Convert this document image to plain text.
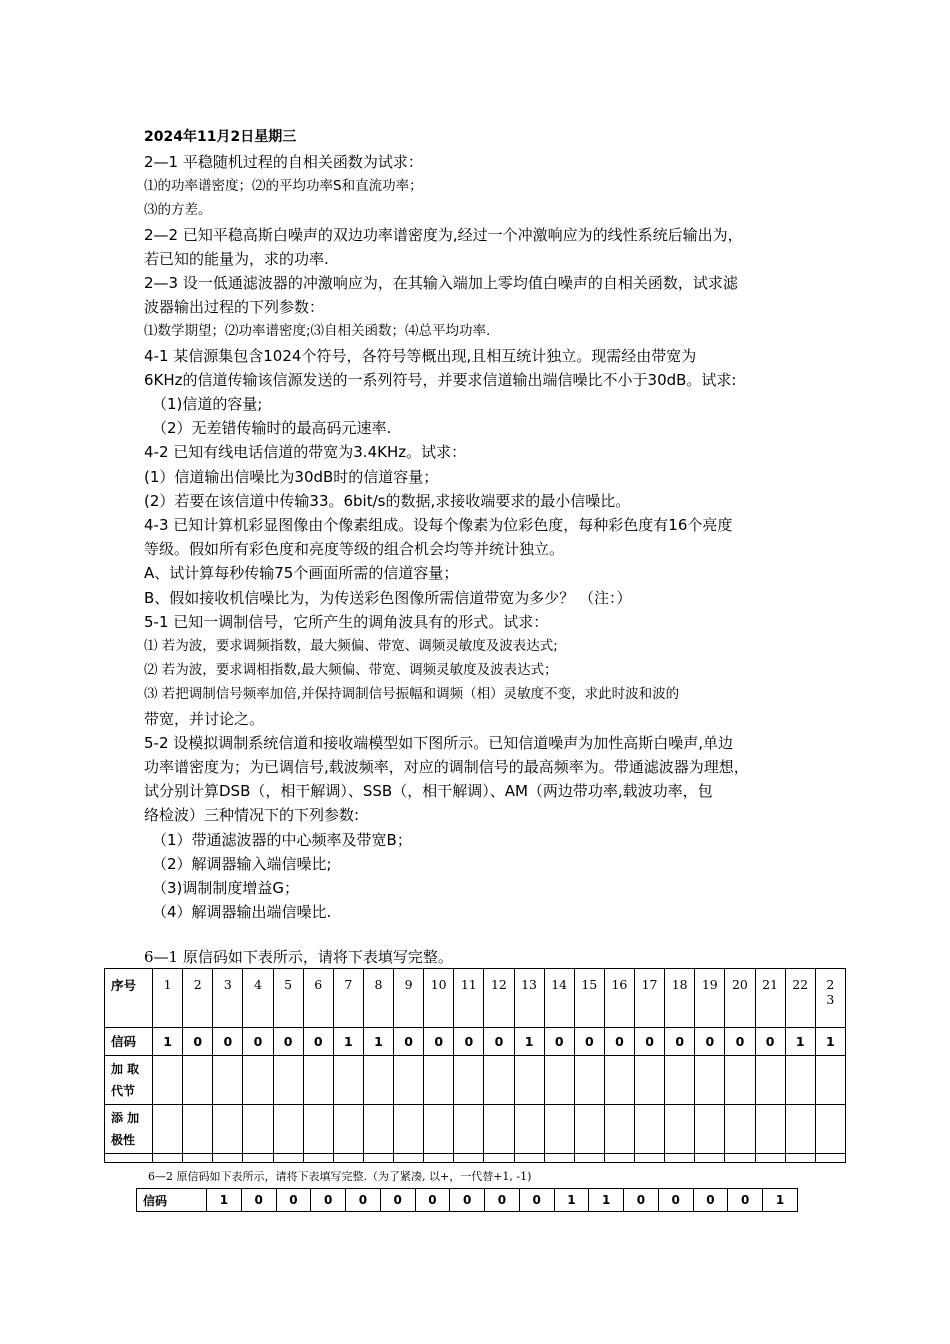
2024年11月2日星期三
2—1 平稳随机过程的自相关函数为试求：
⑴的功率谱密度；⑵的平均功率S和直流功率；
⑶的方差。
2—2 已知平稳高斯白噪声的双边功率谱密度为,经过一个冲激响应为的线性系统后输出为，
若已知的能量为，求的功率.
2—3 设一低通滤波器的冲激响应为，在其输入端加上零均值白噪声的自相关函数，试求滤
波器输出过程的下列参数：
⑴数学期望；⑵功率谱密度;⑶自相关函数；⑷总平均功率.
4-1 某信源集包含1024个符号，各符号等概出现,且相互统计独立。现需经由带宽为
6KHz的信道传输该信源发送的一系列符号，并要求信道输出端信噪比不小于30dB。试求:
（1)信道的容量;
（2）无差错传输时的最高码元速率.
4-2 已知有线电话信道的带宽为3.4KHz。试求：
(1）信道输出信噪比为30dB时的信道容量；
(2）若要在该信道中传输33。6bit/s的数据,求接收端要求的最小信噪比。
4-3 已知计算机彩显图像由个像素组成。设每个像素为位彩色度，每种彩色度有16个亮度
等级。假如所有彩色度和亮度等级的组合机会均等并统计独立。
A、试计算每秒传输75个画面所需的信道容量；
B、假如接收机信噪比为，为传送彩色图像所需信道带宽为多少？ （注：）
5-1 已知一调制信号，它所产生的调角波具有的形式。试求：
⑴ 若为波，要求调频指数，最大频偏、带宽、调频灵敏度及波表达式;
⑵ 若为波，要求调相指数,最大频偏、带宽、调频灵敏度及波表达式；
⑶ 若把调制信号频率加倍,并保持调制信号振幅和调频（相）灵敏度不变，求此时波和波的
带宽，并讨论之。
5-2 设模拟调制系统信道和接收端模型如下图所示。已知信道噪声为加性高斯白噪声,单边
功率谱密度为；为已调信号,载波频率，对应的调制信号的最高频率为。带通滤波器为理想，
试分别计算DSB（，相干解调）、SSB（，相干解调）、AM（两边带功率,载波功率，包
络检波）三种情况下的下列参数:
（1）带通滤波器的中心频率及带宽B；
（2）解调器输入端信噪比;
（3)调制制度增益G；
（4）解调器输出端信噪比.
6—1 原信码如下表所示，请将下表填写完整。
序号	1	2	3	4	5	6	7	8	9	10	11	12	13	14	15	16	17	18	19	20	21	22	2
3
信码	1	0	0	0	0	0	1	1	0	0	0	0	1	0	0	0	0	0	0	0	0	1	1
加 取
代节																							
添 加
极性																							

6—2 原信码如下表所示，请将下表填写完整.（为了紧凑, 以+，一代替+1, -1)
信码	1	0	0	0	0	0	0	0	0	0	1	1	0	0	0	0	1
